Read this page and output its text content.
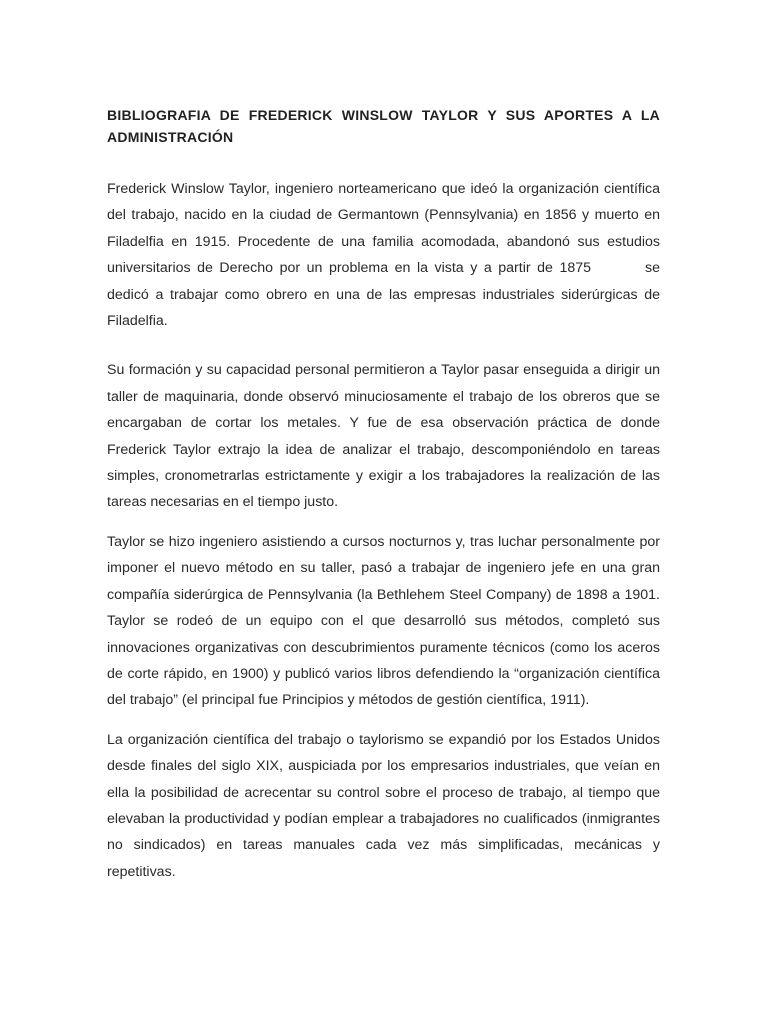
BIBLIOGRAFIA DE FREDERICK WINSLOW TAYLOR Y SUS APORTES A LA ADMINISTRACIÓN

Frederick Winslow Taylor, ingeniero norteamericano que ideó la organización científica del trabajo, nacido en la ciudad de Germantown (Pennsylvania) en 1856 y muerto en Filadelfia en 1915. Procedente de una familia acomodada, abandonó sus estudios universitarios de Derecho por un problema en la vista y a partir de 1875	se dedicó a trabajar como obrero en una de las empresas industriales siderúrgicas de Filadelfia.

Su formación y su capacidad personal permitieron a Taylor pasar enseguida a dirigir un taller de maquinaria, donde observó minuciosamente el trabajo de los obreros que se encargaban de cortar los metales. Y fue de esa observación práctica de donde Frederick Taylor extrajo la idea de analizar el trabajo, descomponiéndolo en tareas simples, cronometrarlas estrictamente y exigir a los trabajadores la realización de las tareas necesarias en el tiempo justo.

Taylor se hizo ingeniero asistiendo a cursos nocturnos y, tras luchar personalmente por imponer el nuevo método en su taller, pasó a trabajar de ingeniero jefe en una gran compañía siderúrgica de Pennsylvania (la Bethlehem Steel Company) de 1898 a 1901. Taylor se rodeó de un equipo con el que desarrolló sus métodos, completó sus innovaciones organizativas con descubrimientos puramente técnicos (como los aceros de corte rápido, en 1900) y publicó varios libros defendiendo la “organización científica del trabajo” (el principal fue Principios y métodos de gestión científica, 1911).

La organización científica del trabajo o taylorismo se expandió por los Estados Unidos desde finales del siglo XIX, auspiciada por los empresarios industriales, que veían en ella la posibilidad de acrecentar su control sobre el proceso de trabajo, al tiempo que elevaban la productividad y podían emplear a trabajadores no cualificados (inmigrantes no sindicados) en tareas manuales cada vez más simplificadas, mecánicas y repetitivas.
